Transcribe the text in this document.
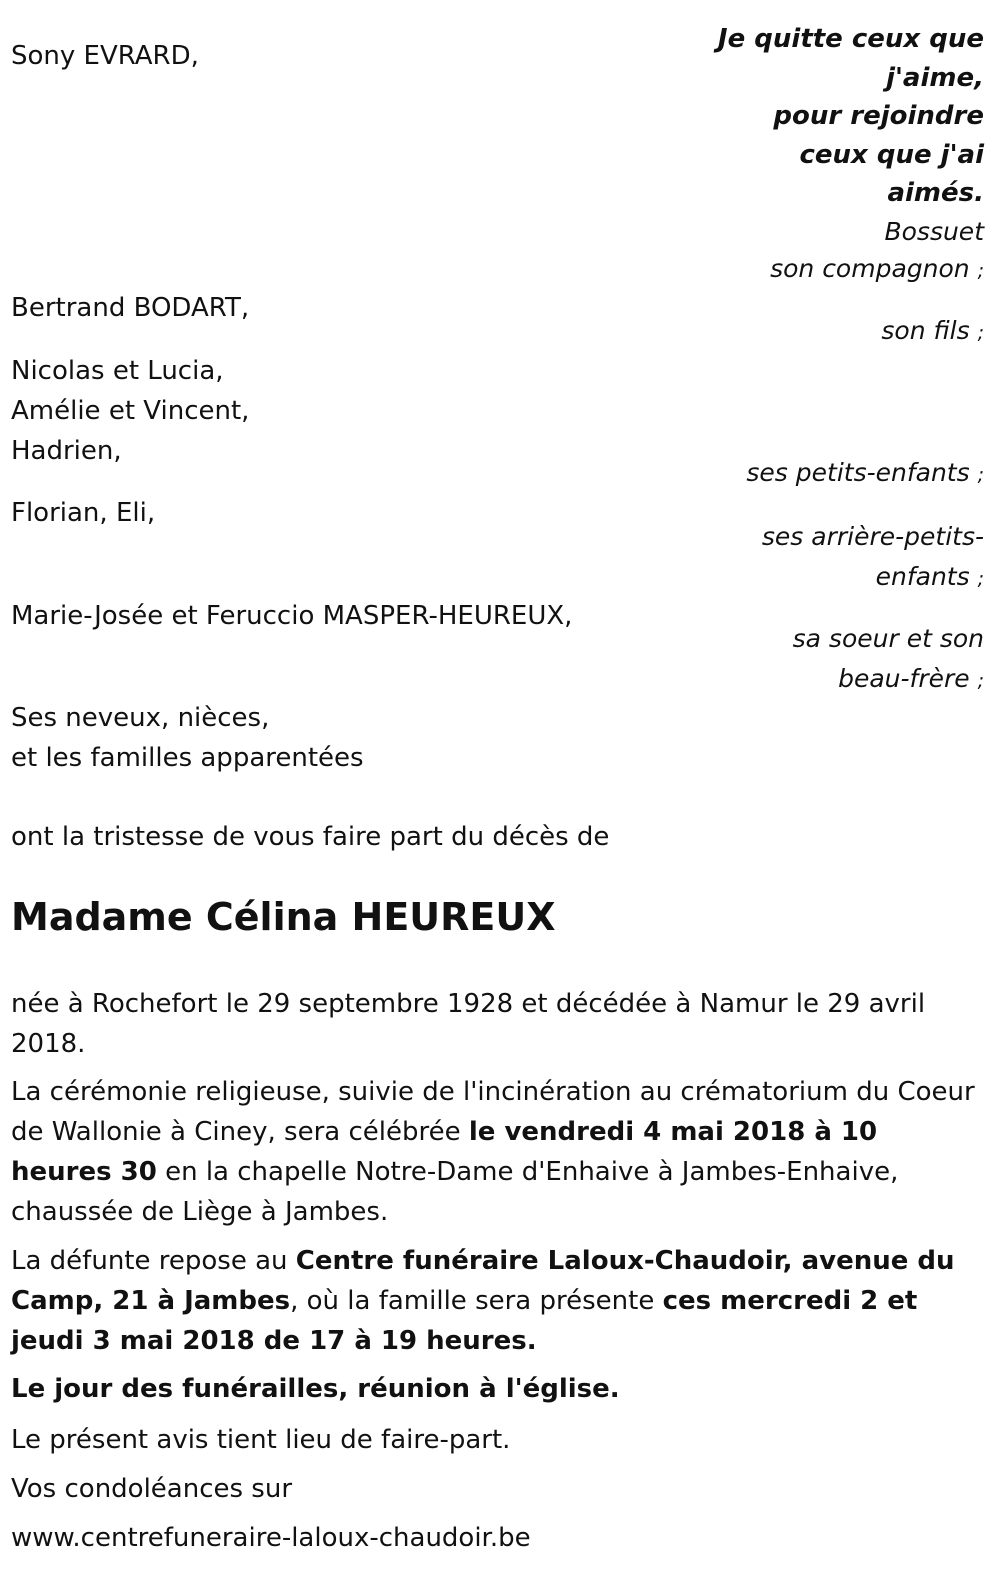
Je quitte ceux que
j'aime,
pour rejoindre
ceux que j'ai
aimés.
Bossuet
Sony EVRARD,
son compagnon ;
Bertrand BODART,
son fils ;
Nicolas et Lucia,
Amélie et Vincent,
Hadrien,
ses petits-enfants ;
Florian, Eli,
ses arrière-petits-
enfants ;
Marie-Josée et Feruccio MASPER-HEUREUX,
sa soeur et son
beau-frère ;
Ses neveux, nièces,
et les familles apparentées
ont la tristesse de vous faire part du décès de
Madame Célina HEUREUX
née à Rochefort le 29 septembre 1928 et décédée à Namur le 29 avril 2018.
La cérémonie religieuse, suivie de l'incinération au crématorium du Coeur de Wallonie à Ciney, sera célébrée le vendredi 4 mai 2018 à 10 heures 30 en la chapelle Notre-Dame d'Enhaive à Jambes-Enhaive, chaussée de Liège à Jambes.
La défunte repose au Centre funéraire Laloux-Chaudoir, avenue du Camp, 21 à Jambes, où la famille sera présente ces mercredi 2 et jeudi 3 mai 2018 de 17 à 19 heures.
Le jour des funérailles, réunion à l'église.
Le présent avis tient lieu de faire-part.
Vos condoléances sur
www.centrefuneraire-laloux-chaudoir.be
